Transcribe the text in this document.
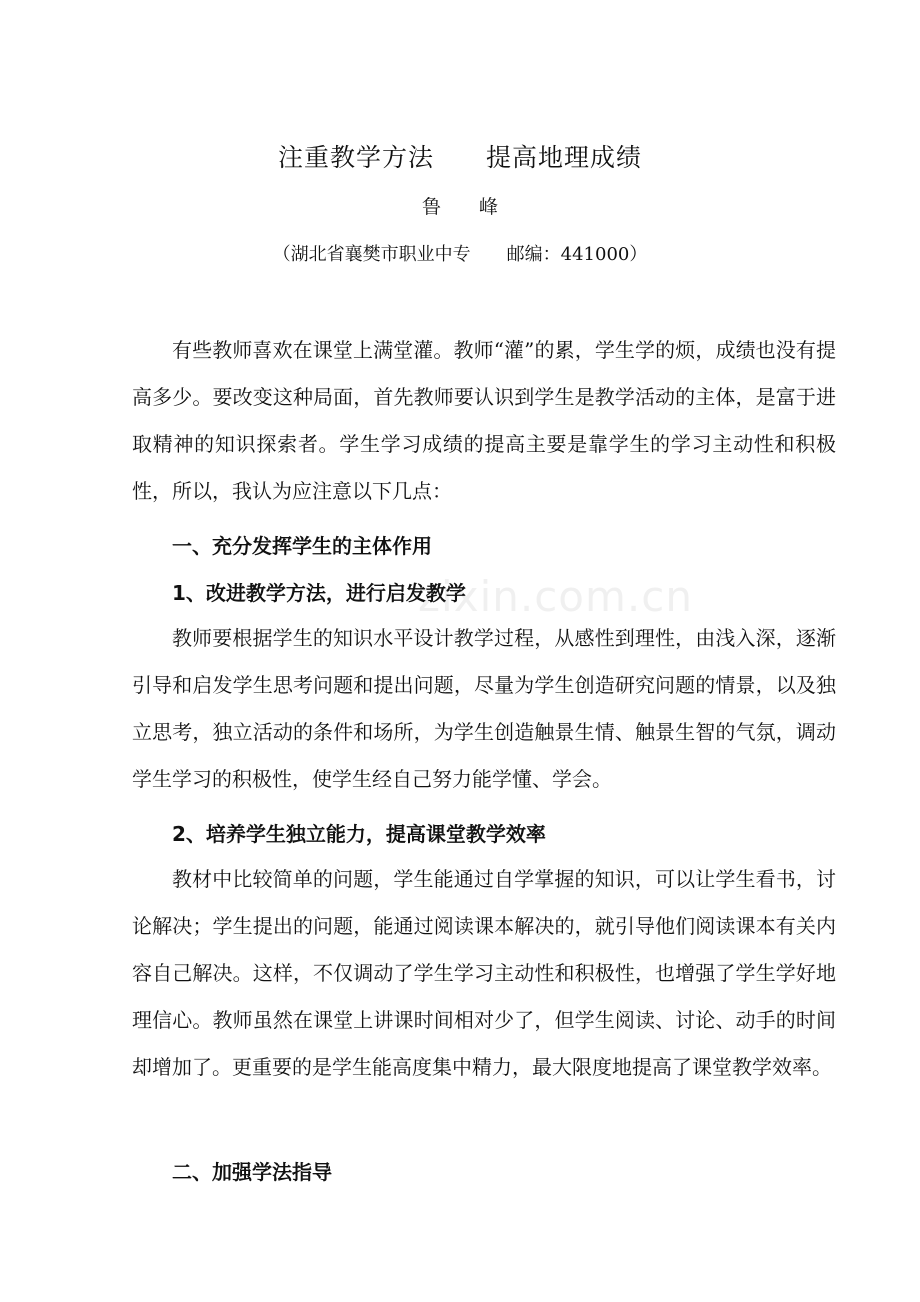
zixin.com.cn
注重教学方法　　提高地理成绩
鲁　　峰
（湖北省襄樊市职业中专　　邮编：441000）

有些教师喜欢在课堂上满堂灌。教师“灌”的累，学生学的烦，成绩也没有提高多少。要改变这种局面，首先教师要认识到学生是教学活动的主体，是富于进取精神的知识探索者。学生学习成绩的提高主要是靠学生的学习主动性和积极性，所以，我认为应注意以下几点：

一、充分发挥学生的主体作用

1、改进教学方法，进行启发教学

教师要根据学生的知识水平设计教学过程，从感性到理性，由浅入深，逐渐引导和启发学生思考问题和提出问题，尽量为学生创造研究问题的情景，以及独立思考，独立活动的条件和场所，为学生创造触景生情、触景生智的气氛，调动学生学习的积极性，使学生经自己努力能学懂、学会。

2、培养学生独立能力，提高课堂教学效率

教材中比较简单的问题，学生能通过自学掌握的知识，可以让学生看书，讨论解决；学生提出的问题，能通过阅读课本解决的，就引导他们阅读课本有关内容自己解决。这样，不仅调动了学生学习主动性和积极性，也增强了学生学好地理信心。教师虽然在课堂上讲课时间相对少了，但学生阅读、讨论、动手的时间却增加了。更重要的是学生能高度集中精力，最大限度地提高了课堂教学效率。

二、加强学法指导
